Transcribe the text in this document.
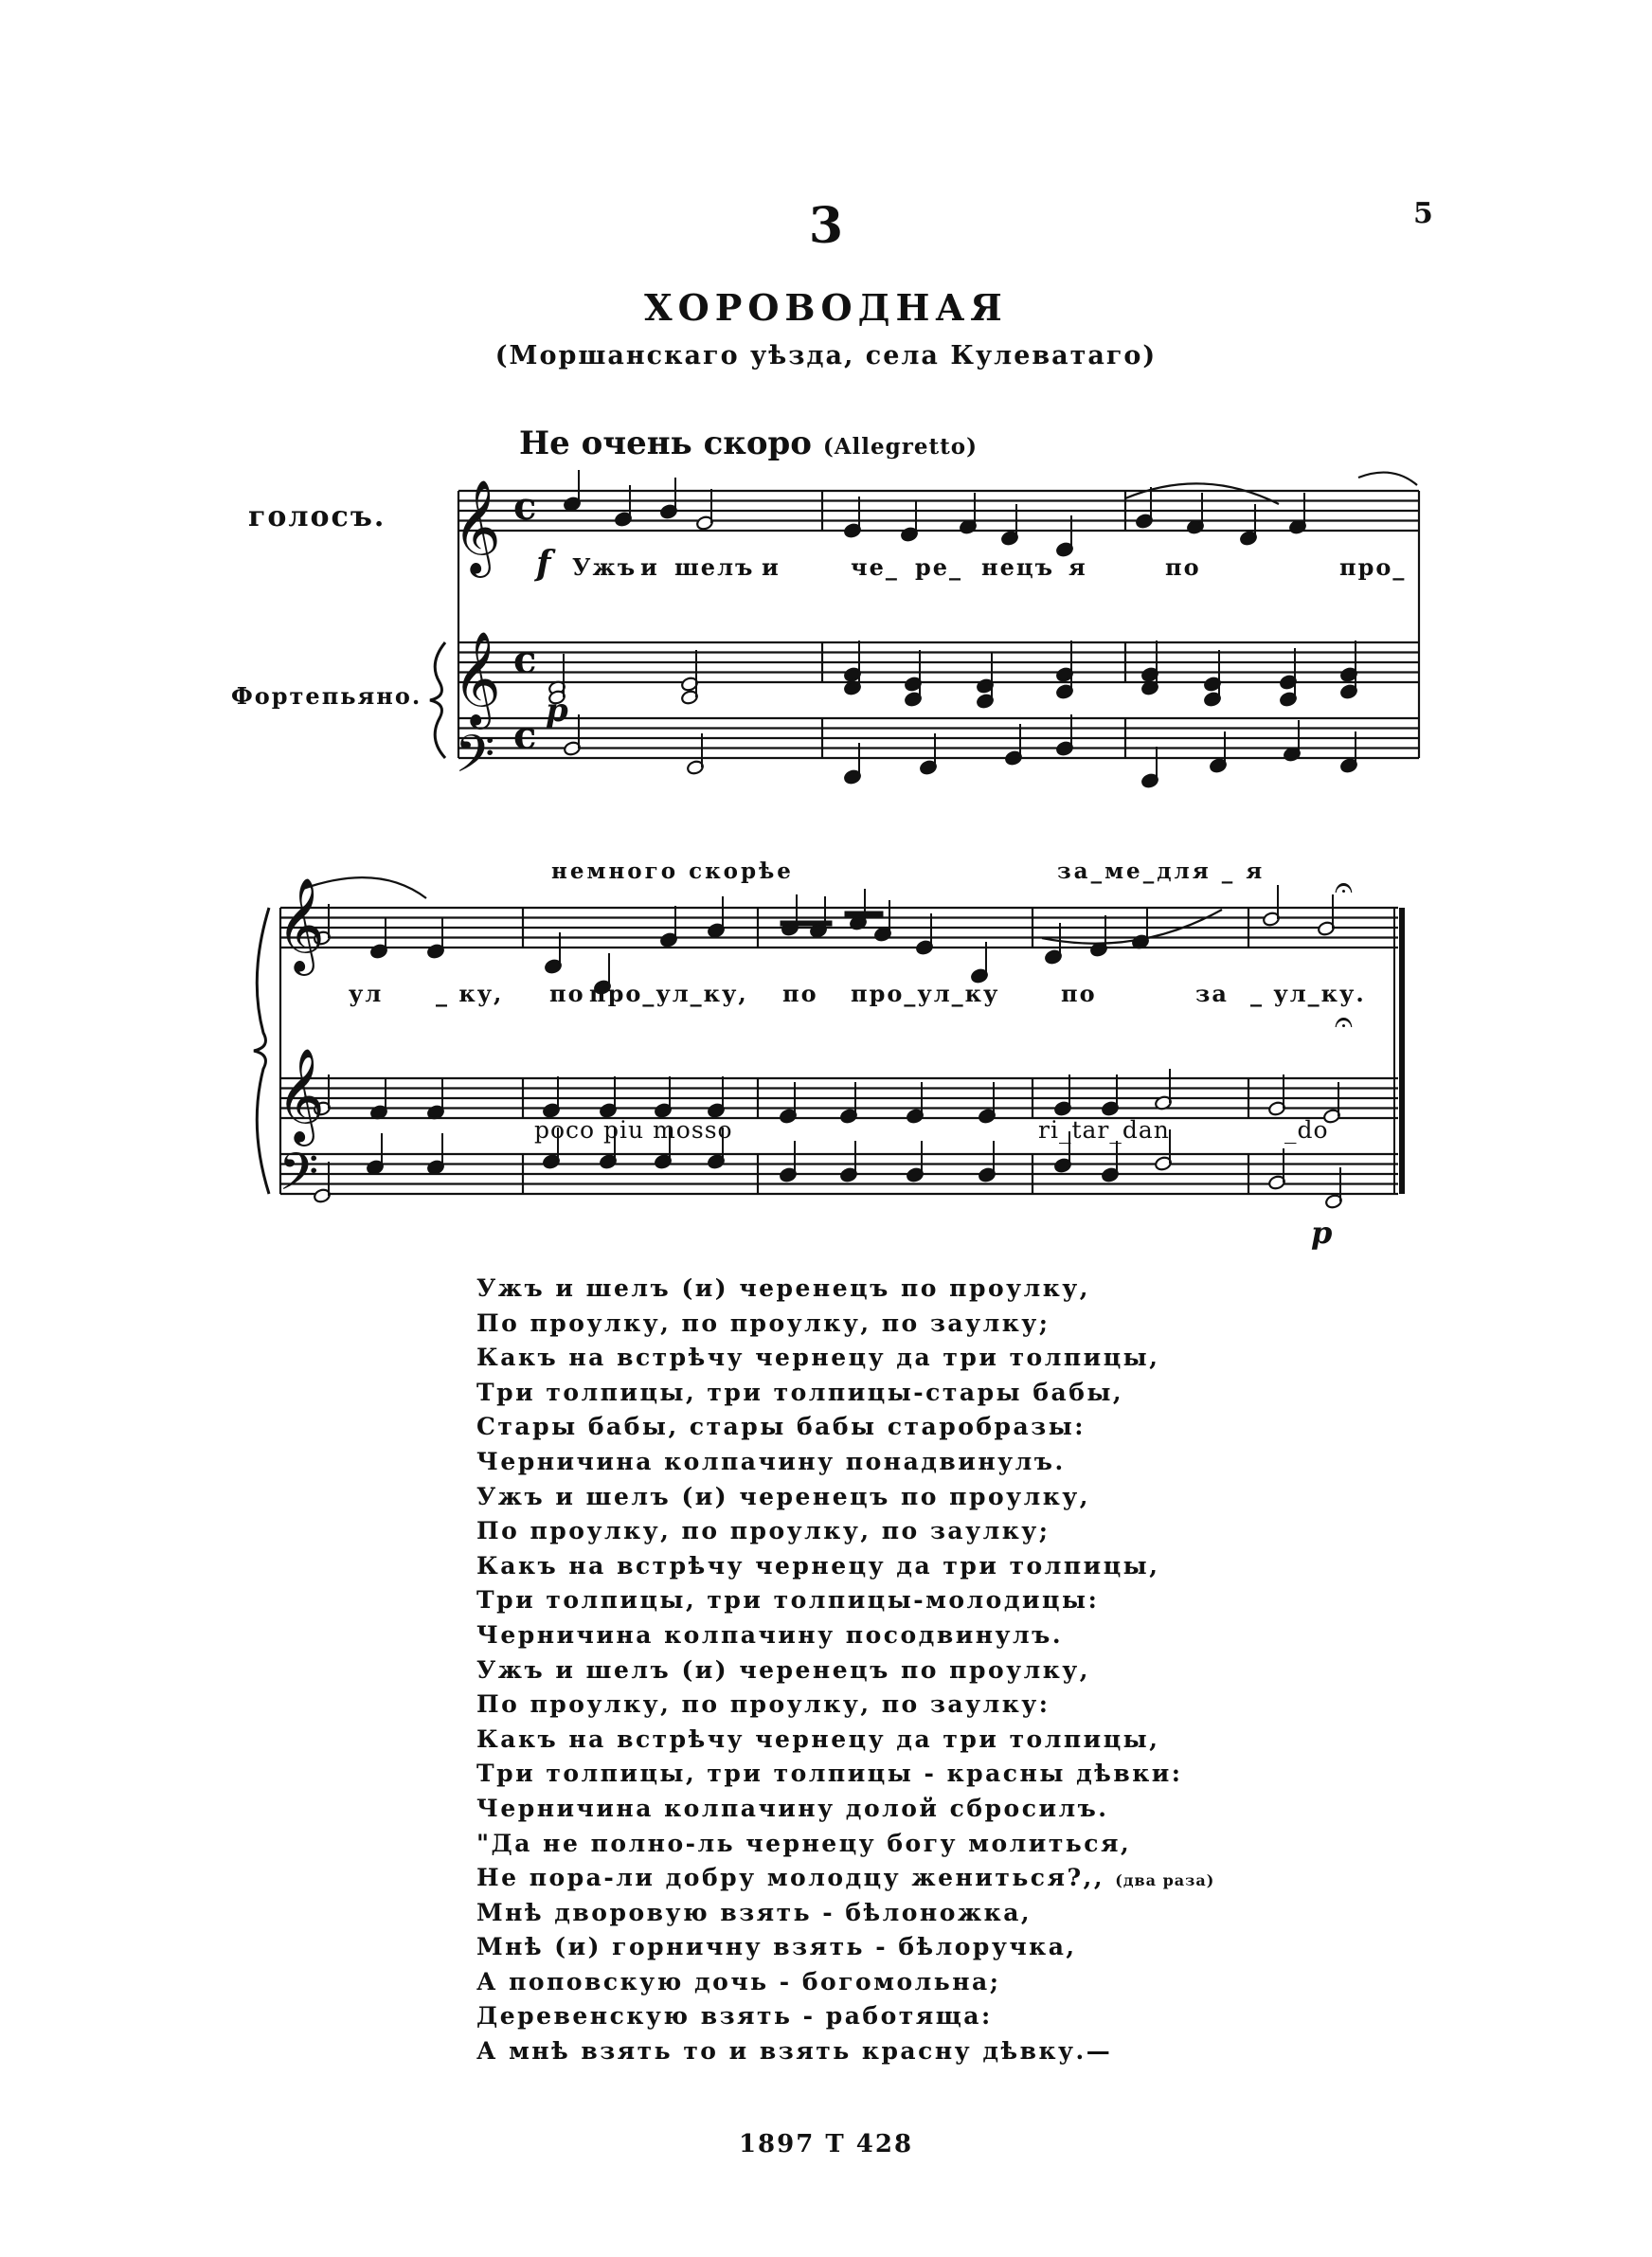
3	5
ХОРОВОДНАЯ
(Моршанскаго уѣзда, села Кулеватаго)
Не очень скоро (Allegretto)
голосъ.
Фортепьяно.
𝄞
𝄞
𝄢
𝄞
𝄞
𝄢
c
c
c
𝄐
𝄐
f
p
Ужъ и шелъ и	че_ ре_ нецъ я	по	про_
немного скорѣе	за_ме_для _ я
ул _ ку, по про_ул_ку, по про_ул_ку	по	за _ ул_ку.
poco piu mosso	ri_tar_dan	_do
p
Ужъ и шелъ (и) черенецъ по проулку,
По проулку, по проулку, по заулку;
Какъ на встрѣчу чернецу да три толпицы,
Три толпицы, три толпицы-стары бабы,
Стары бабы, стары бабы старобразы:
Черничина колпачину понадвинулъ.
Ужъ и шелъ (и) черенецъ по проулку,
По проулку, по проулку, по заулку;
Какъ на встрѣчу чернецу да три толпицы,
Три толпицы, три толпицы-молодицы:
Черничина колпачину посодвинулъ.
Ужъ и шелъ (и) черенецъ по проулку,
По проулку, по проулку, по заулку:
Какъ на встрѣчу чернецу да три толпицы,
Три толпицы, три толпицы - красны дѣвки:
Черничина колпачину долой сбросилъ.
"Да не полно-ль чернецу богу молиться,
Не пора-ли добру молодцу жениться?,, (два раза)
Мнѣ дворовую взять - бѣлоножка,
Мнѣ (и) горничну взять - бѣлоручка,
А поповскую дочь - богомольна;
Деревенскую взять - работяща:
А мнѣ взять то и взять красну дѣвку.—
1897 Т 428
